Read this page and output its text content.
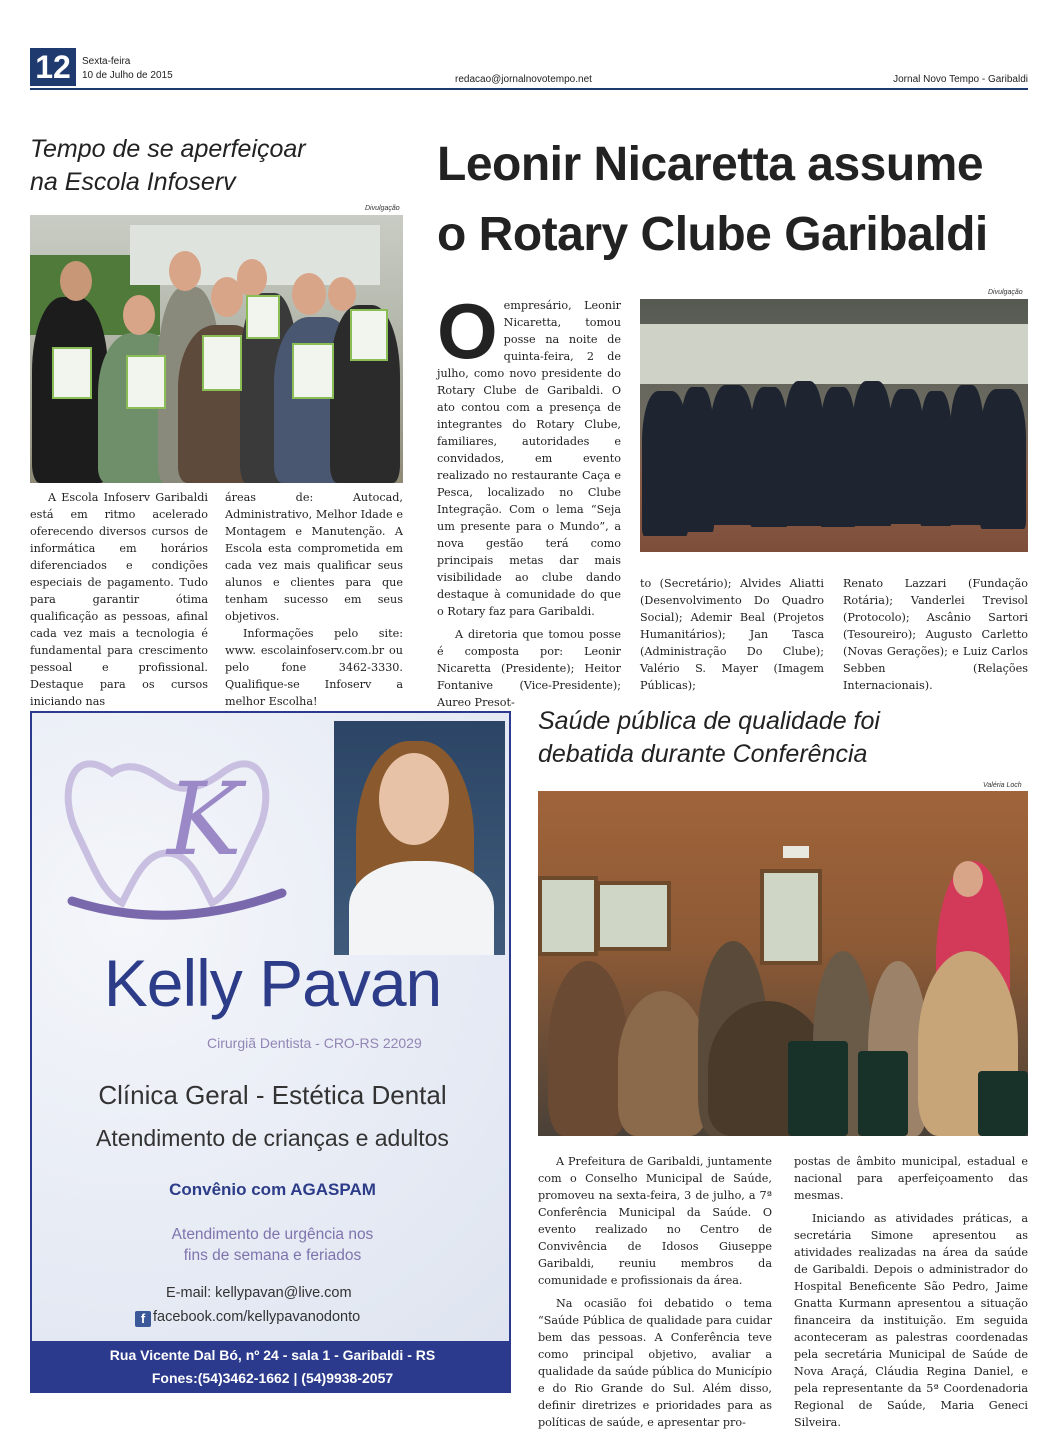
12	Sexta-feira
10 de Julho de 2015	redacao@jornalnovotempo.net	Jornal Novo Tempo - Garibaldi
Tempo de se aperfeiçoar
na Escola Infoserv
Divulgação

A Escola Infoserv Garibaldi está em ritmo acelerado oferecendo diversos cursos de informática em horários diferenciados e condições especiais de pagamento. Tudo para garantir ótima qualificação as pessoas, afinal cada vez mais a tecnologia é fundamental para crescimento pessoal e profissional. Destaque para os cursos iniciando nas

áreas de: Autocad, Administrativo, Melhor Idade e Montagem e Manutenção. A Escola esta comprometida em cada vez mais qualificar seus alunos e clientes para que tenham sucesso em seus objetivos.

Informações pelo site: www. escolainfoserv.com.br ou pelo fone 3462-3330. Qualifique-se Infoserv a melhor Escolha!

Leonir Nicaretta assume
o Rotary Clube Garibaldi
Divulgação
O empresário, Leonir Nicaretta, tomou posse na noite de quinta-feira, 2 de julho, como novo presidente do Rotary Clube de Garibaldi. O ato contou com a presença de integrantes do Rotary Clube, familiares, autoridades e convidados, em evento realizado no restaurante Caça e Pesca, localizado no Clube Integração. Com o lema “Seja um presente para o Mundo”, a nova gestão terá como principais metas dar mais visibilidade ao clube dando destaque à comunidade do que o Rotary faz para Garibaldi.

A diretoria que tomou posse é composta por: Leonir Nicaretta (Presidente); Heitor Fontanive (Vice-Presidente); Aureo Presot-

to (Secretário); Alvides Aliatti (Desenvolvimento Do Quadro Social); Ademir Beal (Projetos Humanitários); Jan Tasca (Administração Do Clube); Valério S. Mayer (Imagem Públicas);

Renato Lazzari (Fundação Rotária); Vanderlei Trevisol (Protocolo); Ascânio Sartori (Tesoureiro); Augusto Carletto (Novas Gerações); e Luiz Carlos Sebben (Relações Internacionais).

K
Kelly Pavan
Cirurgiã Dentista - CRO-RS 22029
Clínica Geral - Estética Dental
Atendimento de crianças e adultos
Convênio com AGASPAM
Atendimento de urgência nos
fins de semana e feriados
E-mail: kellypavan@live.com
f facebook.com/kellypavanodonto
Rua Vicente Dal Bó, nº 24 - sala 1 - Garibaldi - RS
Fones:(54)3462-1662 | (54)9938-2057
Saúde pública de qualidade foi
debatida durante Conferência
Valéria Loch

A Prefeitura de Garibaldi, juntamente com o Conselho Municipal de Saúde, promoveu na sexta-feira, 3 de julho, a 7ª Conferência Municipal da Saúde. O evento realizado no Centro de Convivência de Idosos Giuseppe Garibaldi, reuniu membros da comunidade e profissionais da área.

Na ocasião foi debatido o tema “Saúde Pública de qualidade para cuidar bem das pessoas. A Conferência teve como principal objetivo, avaliar a qualidade da saúde pública do Município e do Rio Grande do Sul. Além disso, definir diretrizes e prioridades para as políticas de saúde, e apresentar pro-

postas de âmbito municipal, estadual e nacional para aperfeiçoamento das mesmas.

Iniciando as atividades práticas, a secretária Simone apresentou as atividades realizadas na área da saúde de Garibaldi. Depois o administrador do Hospital Beneficente São Pedro, Jaime Gnatta Kurmann apresentou a situação financeira da instituição. Em seguida aconteceram as palestras coordenadas pela secretária Municipal de Saúde de Nova Araçá, Cláudia Regina Daniel, e pela representante da 5ª Coordenadoria Regional de Saúde, Maria Geneci Silveira.
